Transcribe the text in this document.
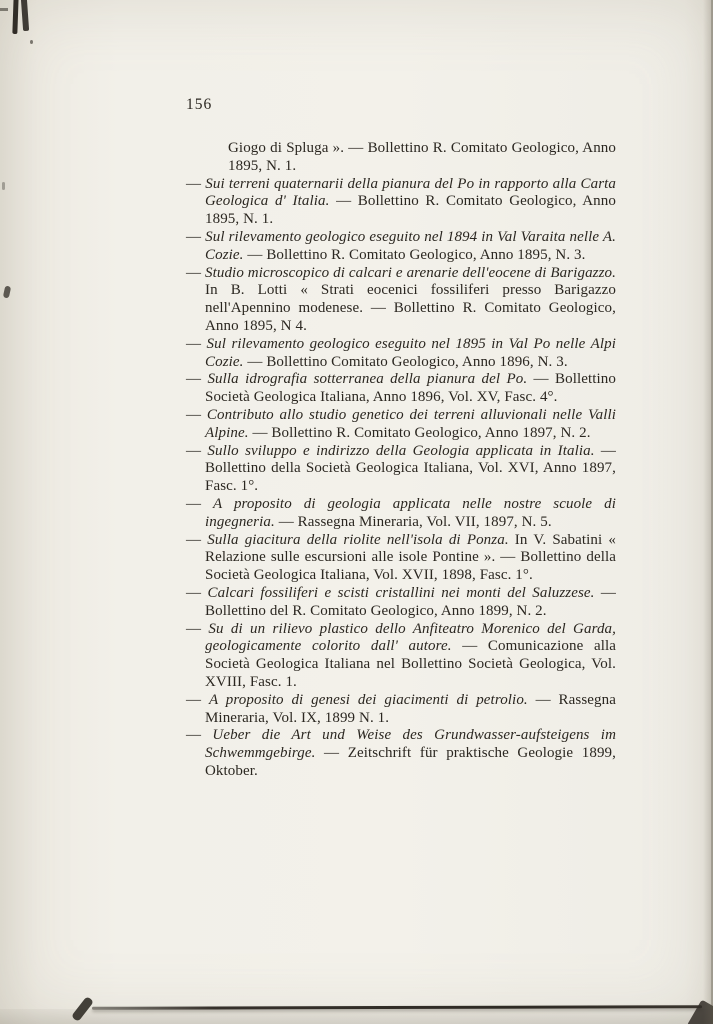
156
Giogo di Spluga ». — Bollettino R. Comitato Geologico, Anno 1895, N. 1.
— Sui terreni quaternarii della pianura del Po in rapporto alla Carta Geologica d' Italia. — Bollettino R. Comitato Geologico, Anno 1895, N. 1.
— Sul rilevamento geologico eseguito nel 1894 in Val Varaita nelle A. Cozie. — Bollettino R. Comitato Geologico, Anno 1895, N. 3.
— Studio microscopico di calcari e arenarie dell'eocene di Barigazzo. In B. Lotti « Strati eocenici fossiliferi presso Barigazzo nell'Apennino modenese. — Bollettino R. Comitato Geologico, Anno 1895, N 4.
— Sul rilevamento geologico eseguito nel 1895 in Val Po nelle Alpi Cozie. — Bollettino Comitato Geologico, Anno 1896, N. 3.
— Sulla idrografia sotterranea della pianura del Po. — Bollettino Società Geologica Italiana, Anno 1896, Vol. XV, Fasc. 4°.
— Contributo allo studio genetico dei terreni alluvionali nelle Valli Alpine. — Bollettino R. Comitato Geologico, Anno 1897, N. 2.
— Sullo sviluppo e indirizzo della Geologia applicata in Italia. — Bollettino della Società Geologica Italiana, Vol. XVI, Anno 1897, Fasc. 1°.
— A proposito di geologia applicata nelle nostre scuole di ingegneria. — Rassegna Mineraria, Vol. VII, 1897, N. 5.
— Sulla giacitura della riolite nell'isola di Ponza. In V. Sabatini « Relazione sulle escursioni alle isole Pontine ». — Bollettino della Società Geologica Italiana, Vol. XVII, 1898, Fasc. 1°.
— Calcari fossiliferi e scisti cristallini nei monti del Saluzzese. — Bollettino del R. Comitato Geologico, Anno 1899, N. 2.
— Su di un rilievo plastico dello Anfiteatro Morenico del Garda, geologicamente colorito dall' autore. — Comunicazione alla Società Geologica Italiana nel Bollettino Società Geologica, Vol. XVIII, Fasc. 1.
— A proposito di genesi dei giacimenti di petrolio. — Rassegna Mineraria, Vol. IX, 1899 N. 1.
— Ueber die Art und Weise des Grundwasser-aufsteigens im Schwemmgebirge. — Zeitschrift für praktische Geologie 1899, Oktober.
